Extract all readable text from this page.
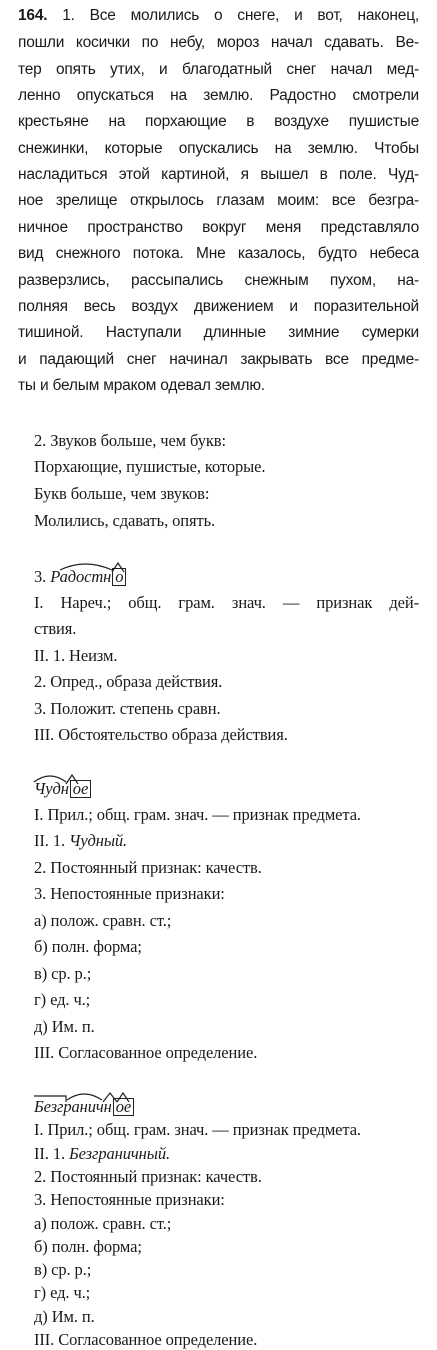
164. 1. Все молились о снеге, и вот, наконец,
пошли косички по небу, мороз начал сдавать. Ве-
тер опять утих, и благодатный снег начал мед-
ленно опускаться на землю. Радостно смотрели
крестьяне на порхающие в воздухе пушистые
снежинки, которые опускались на землю. Чтобы
насладиться этой картиной, я вышел в поле. Чуд-
ное зрелище открылось глазам моим: все безгра-
ничное пространство вокруг меня представляло
вид снежного потока. Мне казалось, будто небеса
разверзлись, рассыпались снежным пухом, на-
полняя весь воздух движением и поразительной
тишиной. Наступали длинные зимние сумерки
и падающий снег начинал закрывать все предме-
ты и белым мраком одевал землю.
2. Звуков больше, чем букв:
Порхающие, пушистые, которые.
Букв больше, чем звуков:
Молились, сдавать, опять.
3. Радостн о
I. Нареч.; общ. грам. знач. — признак дей-
ствия.
II. 1. Неизм.
2. Опред., образа действия.
3. Положит. степень сравн.
III. Обстоятельство образа действия.
Чудн ое
I. Прил.; общ. грам. знач. — признак предмета.
II. 1. Чудный.
2. Постоянный признак: качеств.
3. Непостоянные признаки:
а) полож. сравн. ст.;
б) полн. форма;
в) ср. р.;
г) ед. ч.;
д) Им. п.
III. Согласованное определение.
Безграничн ое
I. Прил.; общ. грам. знач. — признак предмета.
II. 1. Безграничный.
2. Постоянный признак: качеств.
3. Непостоянные признаки:
а) полож. сравн. ст.;
б) полн. форма;
в) ср. р.;
г) ед. ч.;
д) Им. п.
III. Согласованное определение.
